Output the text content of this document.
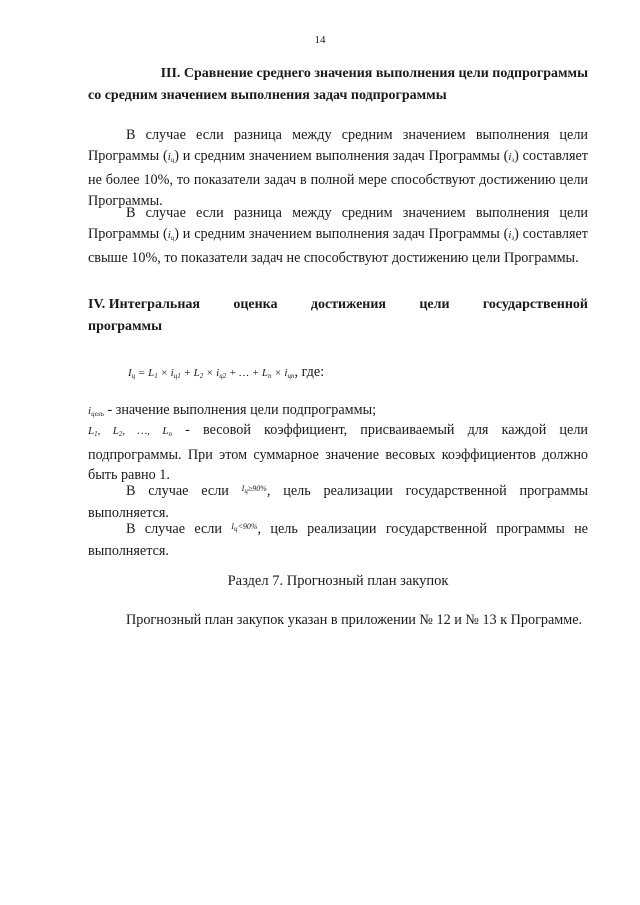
14
III. Сравнение среднего значения выполнения цели подпрограммы
со средним значением выполнения задач подпрограммы
В случае если разница между средним значением выполнения цели Программы $(i_ц)$ и средним значением выполнения задач Программы $(i_з)$ составляет не более 10%, то показатели задач в полной мере способствуют достижению цели Программы.
В случае если разница между средним значением выполнения цели Программы $(i_ц)$ и средним значением выполнения задач Программы $(i_з)$ составляет свыше 10%, то показатели задач не способствуют достижению цели Программы.
IV. Интегральная оценка достижения цели государственной
программы
$I_ц = L_1 \times i_{ц1} + L_2 \times i_{ц2}$ + … + $L_n \times i_{цn}$, где:
$i_{цель}$ - значение выполнения цели подпрограммы;
$L_1$, $L_2$, …, $L_n$ - весовой коэффициент, присваиваемый для каждой цели подпрограммы. При этом суммарное значение весовых коэффициентов должно быть равно 1.
В случае если $^{Iц\ge 90\%}$, цель реализации государственной программы выполняется.
В случае если $^{Iц<90\%}$, цель реализации государственной программы не выполняется.
Раздел 7. Прогнозный план закупок
Прогнозный план закупок указан в приложении № 12 и № 13 к Программе.
